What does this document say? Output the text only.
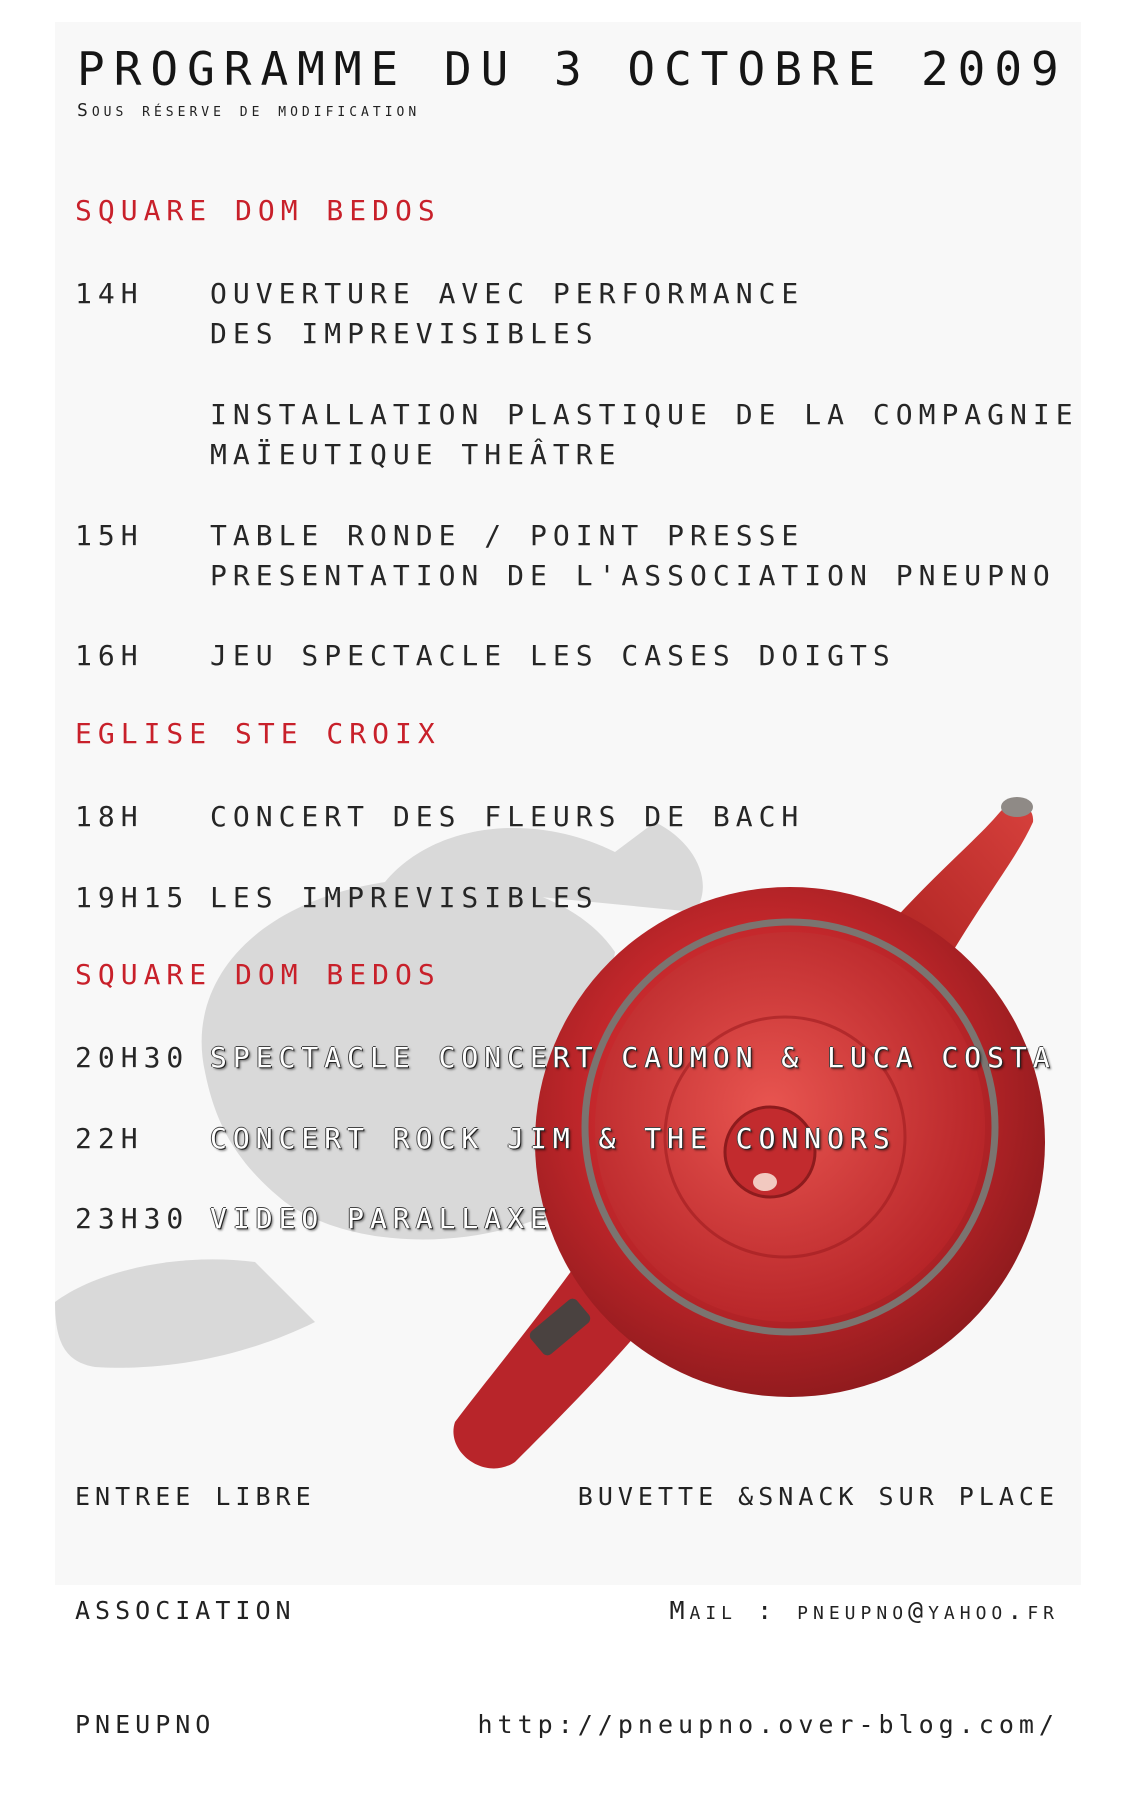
PROGRAMME DU 3 OCTOBRE 2009
Sous réserve de modification
SQUARE DOM BEDOS
14H OUVERTURE AVEC PERFORMANCE
DES IMPREVISIBLES
INSTALLATION PLASTIQUE DE LA COMPAGNIE
MAÏEUTIQUE THEÂTRE
15H TABLE RONDE / POINT PRESSE
PRESENTATION DE L'ASSOCIATION PNEUPNO
16H JEU SPECTACLE LES CASES DOIGTS
EGLISE STE CROIX
18H CONCERT DES FLEURS DE BACH
19H15 LES IMPREVISIBLES
SQUARE DOM BEDOS
20H30 SPECTACLE CONCERT CAUMON & LUCA COSTA
22H CONCERT ROCK JIM & THE CONNORS
23H30 VIDEO PARALLAXE

ENTREE LIBRE

ASSOCIATION

PNEUPNO

BUVETTE &SNACK SUR PLACE

Mail : pneupno@yahoo.fr

http://pneupno.over-blog.com/
